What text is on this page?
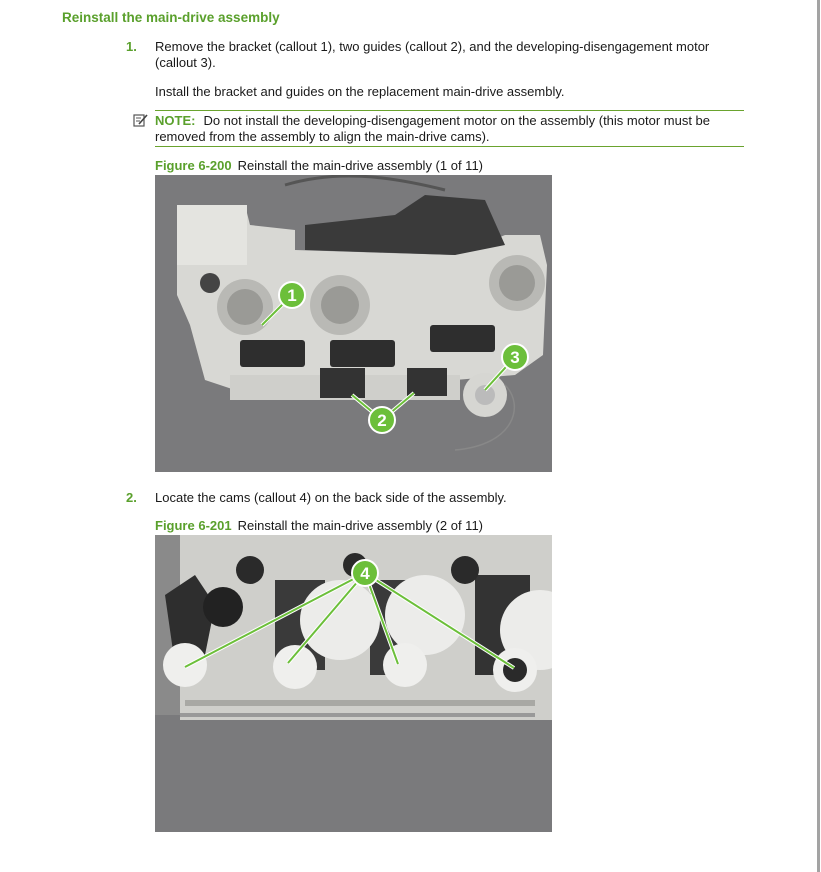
Reinstall the main-drive assembly
1. Remove the bracket (callout 1), two guides (callout 2), and the developing-disengagement motor (callout 3).
Install the bracket and guides on the replacement main-drive assembly.
NOTE: Do not install the developing-disengagement motor on the assembly (this motor must be removed from the assembly to align the main-drive cams).
Figure 6-200 Reinstall the main-drive assembly (1 of 11)
1
2
3
2. Locate the cams (callout 4) on the back side of the assembly.
Figure 6-201 Reinstall the main-drive assembly (2 of 11)
4
